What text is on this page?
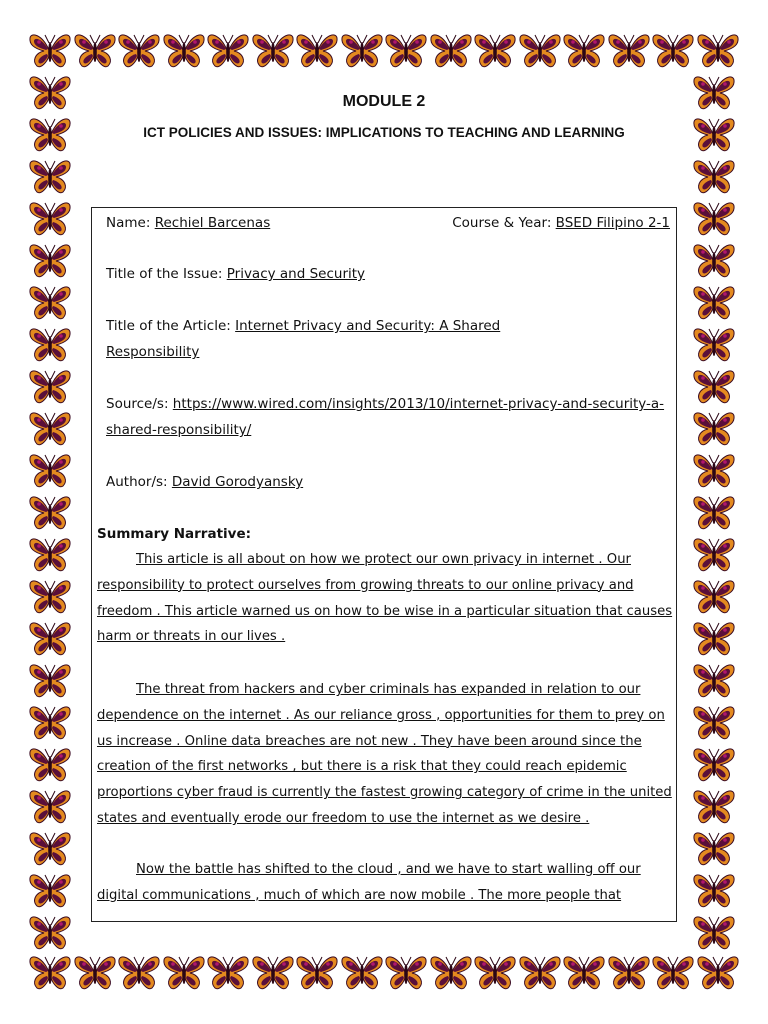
MODULE 2
ICT POLICIES AND ISSUES: IMPLICATIONS TO TEACHING AND LEARNING
Name: Rechiel Barcenas	Course & Year: BSED Filipino 2-1
Title of the Issue: Privacy and Security
Title of the Article: Internet Privacy and Security: A Shared Responsibility
Source/s: https://www.wired.com/insights/2013/10/internet-privacy-and-security-a-shared-responsibility/
Author/s: David Gorodyansky
Summary Narrative:
This article is all about on how we protect our own privacy in internet . Our responsibility to protect ourselves from growing threats to our online privacy and freedom . This article warned us on how to be wise in a particular situation that causes harm or threats in our lives .
The threat from hackers and cyber criminals has expanded in relation to our dependence on the internet . As our reliance gross , opportunities for them to prey on us increase . Online data breaches are not new . They have been around since the creation of the first networks , but there is a risk that they could reach epidemic proportions cyber fraud is currently the fastest growing category of crime in the united states and eventually erode our freedom to use the internet as we desire .
Now the battle has shifted to the cloud , and we have to start walling off our digital communications , much of which are now mobile . The more people that
